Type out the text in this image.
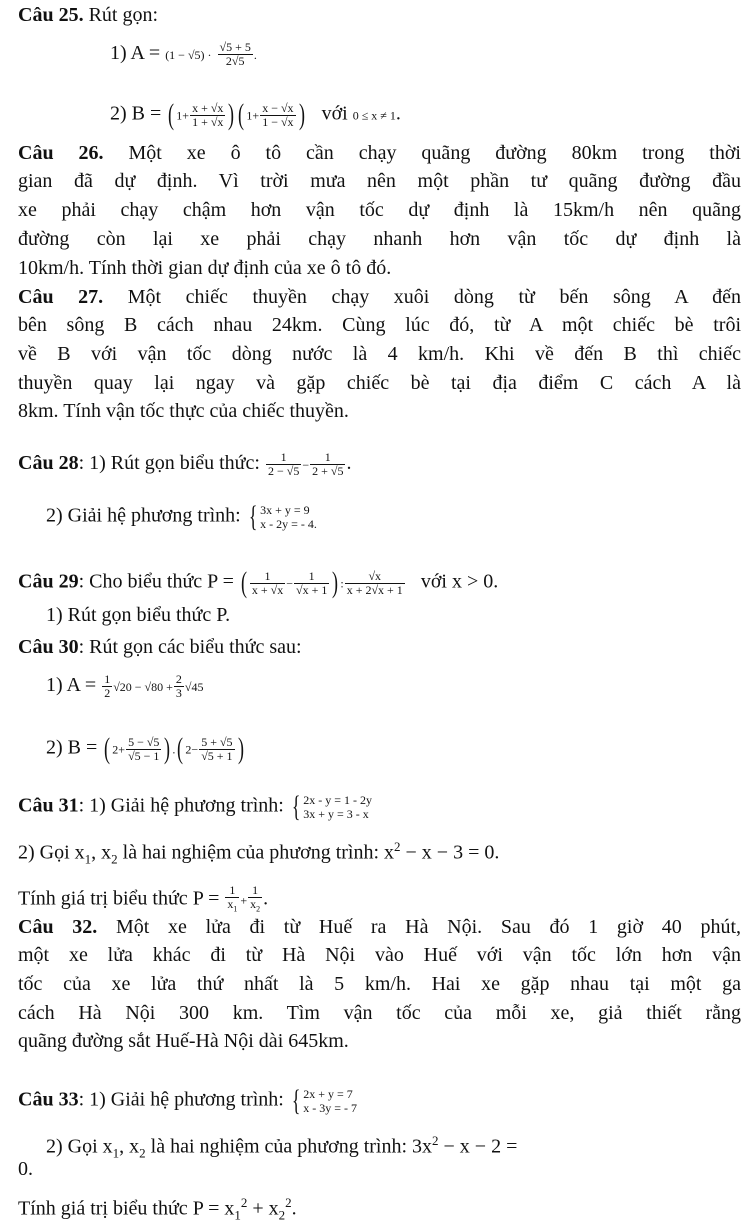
Câu 25. Rút gọn:
1) $A = (1 - √5) \cdot \frac{√5 + 5}{2√5}$ .
2) B = ( $1+ \frac{x + √x}{1 + √x}$ ) ( $1+ \frac{x - √x}{1 - √x}$ ) với 0 ≤ x ≠ 1.
Câu 26. Một xe ô tô cần chạy quãng đường 80km trong thời
gian đã dự định. Vì trời mưa nên một phần tư quãng đường đầu
xe phải chạy chậm hơn vận tốc dự định là 15km/h nên quãng
đường còn lại xe phải chạy nhanh hơn vận tốc dự định là
10km/h. Tính thời gian dự định của xe ô tô đó.
Câu 27. Một chiếc thuyền chạy xuôi dòng từ bến sông A đến
bên sông B cách nhau 24km. Cùng lúc đó, từ A một chiếc bè trôi
về B với vận tốc dòng nước là 4 km/h. Khi về đến B thì chiếc
thuyền quay lại ngay và gặp chiếc bè tại địa điểm C cách A là
8km. Tính vận tốc thực của chiếc thuyền.
Câu 28: 1) Rút gọn biểu thức: $\frac{1}{2 - √5} - \frac{1}{2 + √5}$ .
2) Giải hệ phương trình: { 3x + y = 9
x - 2y = - 4.
Câu 29: Cho biểu thức P = ( $\frac{1}{x + √x} - \frac{1}{√x + 1}$ ) : $\frac{√x}{x + 2√x + 1}$ với x > 0.
1) Rút gọn biểu thức P.
Câu 30: Rút gọn các biểu thức sau:
1) $A = \frac{1}{2} √20 - √80 + \frac{2}{3} √45$
2) B = ( $2+ \frac{5 - √5}{√5 - 1}$ ) .( $2- \frac{5 + √5}{√5 + 1}$ )
Câu 31: 1) Giải hệ phương trình: { 2x - y = 1 - 2y
3x + y = 3 - x
2) Gọi $x_1$, $x_2$ là hai nghiệm của phương trình: $x^2 - x - 3 = 0$.
Tính giá trị biểu thức $P = \frac{1}{x_1} + \frac{1}{x_2}$ .
Câu 32. Một xe lửa đi từ Huế ra Hà Nội. Sau đó 1 giờ 40 phút,
một xe lửa khác đi từ Hà Nội vào Huế với vận tốc lớn hơn vận
tốc của xe lửa thứ nhất là 5 km/h. Hai xe gặp nhau tại một ga
cách Hà Nội 300 km. Tìm vận tốc của mỗi xe, giả thiết rằng
quãng đường sắt Huế-Hà Nội dài 645km.
Câu 33: 1) Giải hệ phương trình: { 2x + y = 7
x - 3y = - 7
2) Gọi $x_1$, $x_2$ là hai nghiệm của phương trình: $3x^2 - x - 2$ =
0.
Tính giá trị biểu thức $P = x_1^2 + x_2^2$.
